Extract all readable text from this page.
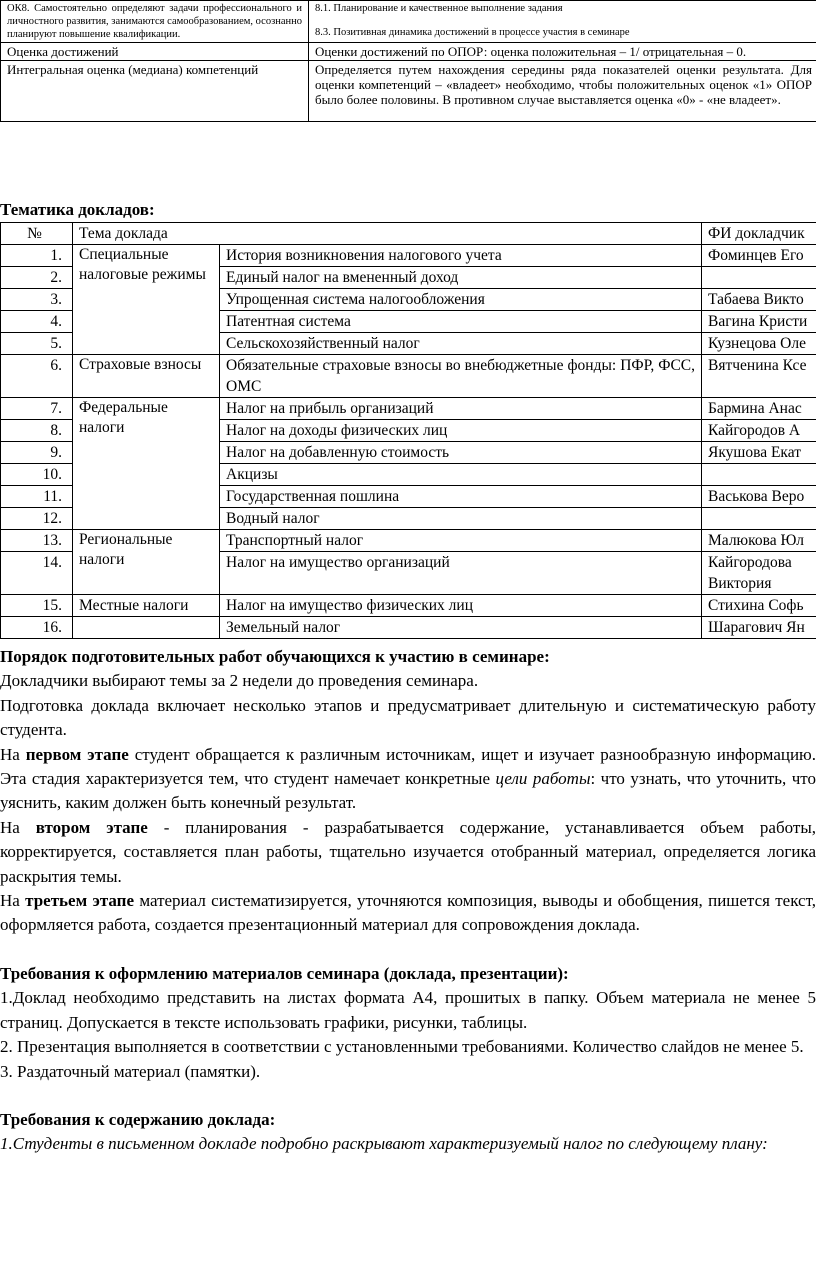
ОК8. Самостоятельно определяют задачи профессионального и личностного развития, занимаются самообразованием, осознанно планируют повышение квалификации.	8.1. Планирование и качественное выполнение задания
8.3. Позитивная динамика достижений в процессе участия в семинаре

Оценка достижений	Оценки достижений по ОПОР: оценка положительная – 1/ отрицательная – 0.
Интегральная оценка (медиана) компетенций	Определяется путем нахождения середины ряда показателей оценки результата. Для оценки компетенций – «владеет» необходимо, чтобы положительных оценок «1» ОПОР было более половины. В противном случае выставляется оценка «0» - «не владеет».
Тематика докладов:
№	Тема доклада		ФИ докладчик
1.	Специальные налоговые режимы	История возникновения налогового учета	Фоминцев Его
2.		Единый налог на вмененный доход	
3.		Упрощенная система налогообложения	Табаева Викто
4.		Патентная система	Вагина Кристи
5.		Сельскохозяйственный налог	Кузнецова Оле
6.	Страховые взносы	Обязательные страховые взносы во внебюджетные фонды: ПФР, ФСС, ОМС	Вятченина Ксе
7.	Федеральные налоги	Налог на прибыль организаций	Бармина Анас
8.		Налог на доходы физических лиц	Кайгородов А
9.		Налог на добавленную стоимость	Якушова Екат
10.		Акцизы	
11.		Государственная пошлина	Васькова Веро
12.		Водный налог	
13.	Региональные налоги	Транспортный налог	Малюкова Юл
14.		Налог на имущество организаций	Кайгородова Виктория
15.	Местные налоги	Налог на имущество физических лиц	Стихина Софь
16.		Земельный налог	Шарагович Ян

Порядок подготовительных работ обучающихся к участию в семинаре:

Докладчики выбирают темы за 2 недели до проведения семинара.

Подготовка доклада включает несколько этапов и предусматривает длительную и систематическую работу студента.

На первом этапе студент обращается к различным источникам, ищет и изучает разнообразную информацию. Эта стадия характеризуется тем, что студент намечает конкретные цели работы: что узнать, что уточнить, что уяснить, каким должен быть конечный результат.

На втором этапе - планирования - разрабатывается содержание, устанавливается объем работы, корректируется, составляется план работы, тщательно изучается отобранный материал, определяется логика раскрытия темы.

На третьем этапе материал систематизируется, уточняются композиция, выводы и обобщения, пишется текст, оформляется работа, создается презентационный материал для сопровождения доклада.

Требования к оформлению материалов семинара (доклада, презентации):

1.Доклад необходимо представить на листах формата А4, прошитых в папку. Объем материала не менее 5 страниц. Допускается в тексте использовать графики, рисунки, таблицы.

2. Презентация выполняется в соответствии с установленными требованиями. Количество слайдов не менее 5.

3. Раздаточный материал (памятки).

Требования к содержанию доклада:

1.Студенты в письменном докладе подробно раскрывают характеризуемый налог по следующему плану:
